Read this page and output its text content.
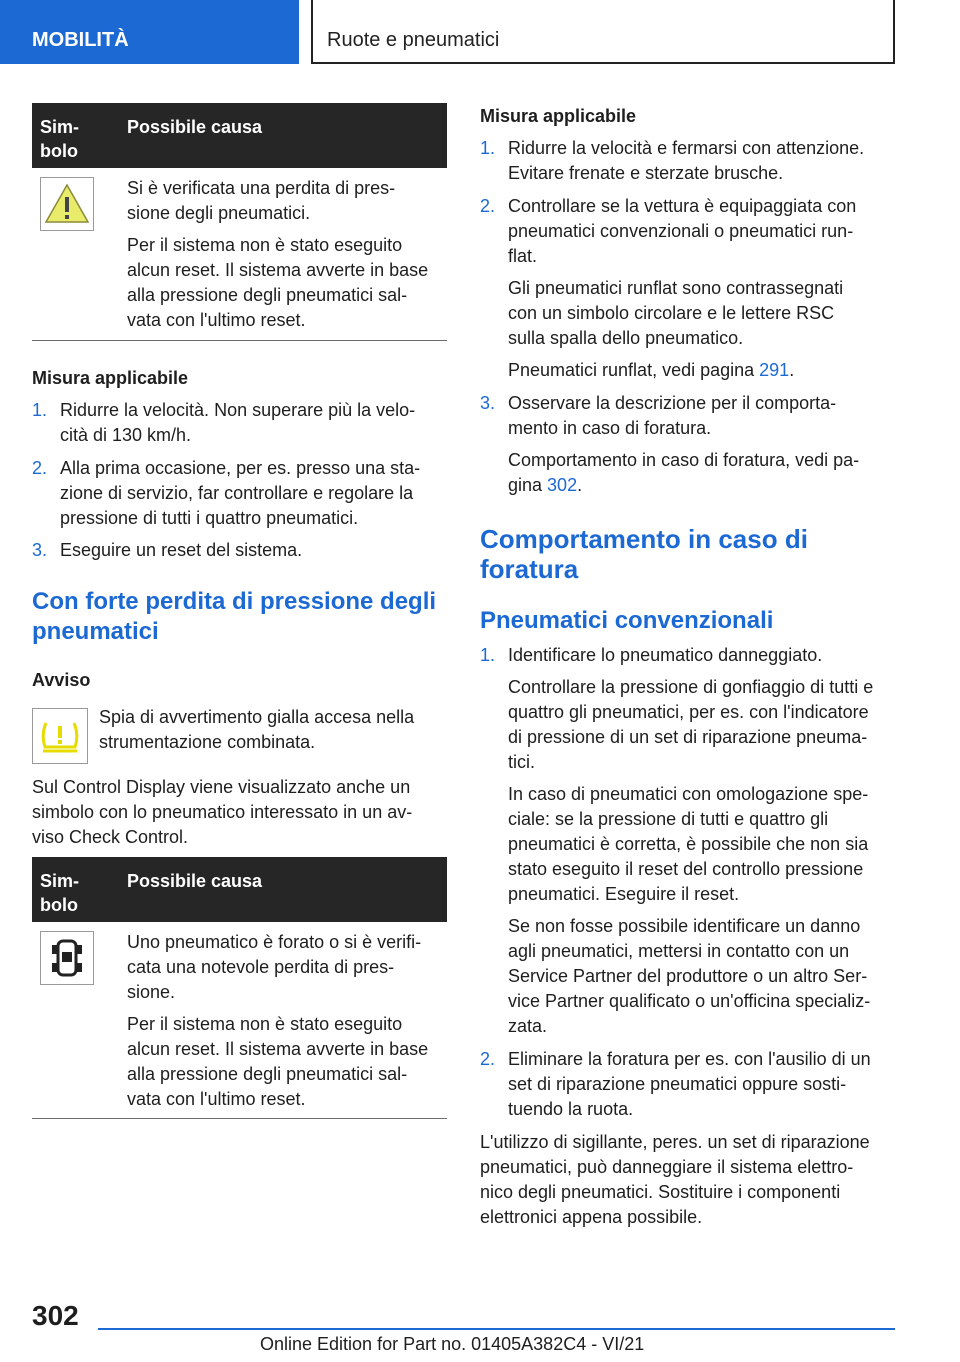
MOBILITÀ	Ruote e pneumatici
Sim-
bolo
Possibile causa

Si è verificata una perdita di pres-
sione degli pneumatici.

Per il sistema non è stato eseguito
alcun reset. Il sistema avverte in base
alla pressione degli pneumatici sal-
vata con l'ultimo reset.

Misura applicabile
1. Ridurre la velocità. Non superare più la velo-
cità di 130 km/h.
2. Alla prima occasione, per es. presso una sta-
zione di servizio, far controllare e regolare la
pressione di tutti i quattro pneumatici.
3. Eseguire un reset del sistema.
Con forte perdita di pressione degli
pneumatici
Avviso
Spia di avvertimento gialla accesa nella
strumentazione combinata.
Sul Control Display viene visualizzato anche un
simbolo con lo pneumatico interessato in un av-
viso Check Control.
Sim-
bolo
Possibile causa

Uno pneumatico è forato o si è verifi-
cata una notevole perdita di pres-
sione.

Per il sistema non è stato eseguito
alcun reset. Il sistema avverte in base
alla pressione degli pneumatici sal-
vata con l'ultimo reset.

Misura applicabile
1. Ridurre la velocità e fermarsi con attenzione.
Evitare frenate e sterzate brusche.
2. Controllare se la vettura è equipaggiata con
pneumatici convenzionali o pneumatici run-
flat.
Gli pneumatici runflat sono contrassegnati
con un simbolo circolare e le lettere RSC
sulla spalla dello pneumatico.
Pneumatici runflat, vedi pagina 291.
3. Osservare la descrizione per il comporta-
mento in caso di foratura.
Comportamento in caso di foratura, vedi pa-
gina 302.
Comportamento in caso di
foratura
Pneumatici convenzionali
1. Identificare lo pneumatico danneggiato.
Controllare la pressione di gonfiaggio di tutti e
quattro gli pneumatici, per es. con l'indicatore
di pressione di un set di riparazione pneuma-
tici.
In caso di pneumatici con omologazione spe-
ciale: se la pressione di tutti e quattro gli
pneumatici è corretta, è possibile che non sia
stato eseguito il reset del controllo pressione
pneumatici. Eseguire il reset.
Se non fosse possibile identificare un danno
agli pneumatici, mettersi in contatto con un
Service Partner del produttore o un altro Ser-
vice Partner qualificato o un'officina specializ-
zata.
2. Eliminare la foratura per es. con l'ausilio di un
set di riparazione pneumatici oppure sosti-
tuendo la ruota.
L'utilizzo di sigillante, peres. un set di riparazione
pneumatici, può danneggiare il sistema elettro-
nico degli pneumatici. Sostituire i componenti
elettronici appena possibile.
302
Online Edition for Part no. 01405A382C4 - VI/21
